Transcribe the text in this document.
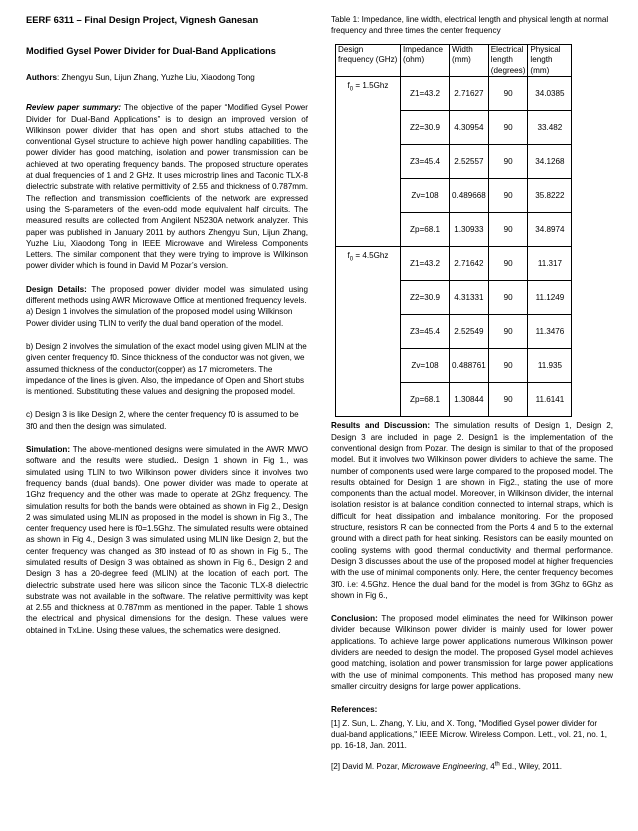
EERF 6311 – Final Design Project, Vignesh Ganesan

Modified Gysel Power Divider for Dual-Band Applications

Authors: Zhengyu Sun, Lijun Zhang, Yuzhe Liu, Xiaodong Tong

Review paper summary: The objective of the paper “Modified Gysel Power Divider for Dual-Band Applications” is to design an improved version of Wilkinson power divider that has open and short stubs attached to the conventional Gysel structure to achieve high power handling capabilities. The power divider has good matching, isolation and power transmission can be achieved at two operating frequency bands. The proposed structure operates at dual frequencies of 1 and 2 GHz. It uses microstrip lines and Taconic TLX-8 dielectric substrate with relative permittivity of 2.55 and thickness of 0.787mm. The reflection and transmission coefficients of the network are expressed using the S-parameters of the even-odd mode equivalent half circuits. The measured results are collected from Angilent N5230A network analyzer. This paper was published in January 2011 by authors Zhengyu Sun, Lijun Zhang, Yuzhe Liu, Xiaodong Tong in IEEE Microwave and Wireless Components Letters. The similar component that they were trying to improve is Wilkinson power divider which is found in David M Pozar’s version.

Design Details: The proposed power divider model was simulated using different methods using AWR Microwave Office at mentioned frequency levels.

a) Design 1 involves the simulation of the proposed model using Wilkinson Power divider using TLIN to verify the dual band operation of the model.

b) Design 2 involves the simulation of the exact model using given MLIN at the given center frequency f0. Since thickness of the conductor was not given, we assumed thickness of the conductor(copper) as 17 micrometers. The impedance of the lines is given. Also, the impedance of Open and Short stubs is mentioned. Substituting these values and designing the proposed model.

c) Design 3 is like Design 2, where the center frequency f0 is assumed to be 3f0 and then the design was simulated.

Simulation: The above-mentioned designs were simulated in the AWR MWO software and the results were studied.. Design 1 shown in Fig 1., was simulated using TLIN to two Wilkinson power dividers since it involves two frequency bands (dual bands). One power divider was made to operate at 1Ghz frequency and the other was made to operate at 2Ghz frequency. The simulation results for both the bands were obtained as shown in Fig 2., Design 2 was simulated using MLIN as proposed in the model is shown in Fig 3., The center frequency used here is f0=1.5Ghz. The simulated results were obtained as shown in Fig 4., Design 3 was simulated using MLIN like Design 2, but the center frequency was changed as 3f0 instead of f0 as shown in Fig 5., The simulated results of Design 3 was obtained as shown in Fig 6., Design 2 and Design 3 has a 20-degree feed (MLIN) at the location of each port. The dielectric substrate used here was silicon since the Taconic TLX-8 dielectric substrate was not available in the software. The relative permittivity was kept at 2.55 and thickness at 0.787mm as mentioned in the paper. Table 1 shows the electrical and physical dimensions for the design. These values were obtained in TxLine. Using these values, the schematics were designed.

Table 1: Impedance, line width, electrical length and physical length at normal frequency and three times the center frequency

Design frequency (GHz)	Impedance (ohm)	Width (mm)	Electrical length (degrees)	Physical length (mm)
$f_0 = 1.5Ghz$	Z1=43.2	2.71627	90	34.0385
	Z2=30.9	4.30954	90	33.482
	Z3=45.4	2.52557	90	34.1268
	Zv=108	0.489668	90	35.8222
	Zp=68.1	1.30933	90	34.8974
$f_0 = 4.5Ghz$	Z1=43.2	2.71642	90	11.317
	Z2=30.9	4.31331	90	11.1249
	Z3=45.4	2.52549	90	11.3476
	Zv=108	0.488761	90	11.935
	Zp=68.1	1.30844	90	11.6141

Results and Discussion: The simulation results of Design 1, Design 2, Design 3 are included in page 2. Design1 is the implementation of the conventional design from Pozar. The design is similar to that of the proposed model. But it involves two Wilkinson power dividers to achieve the same. The number of components used were large compared to the proposed model. The results obtained for Design 1 are shown in Fig2., stating the use of more components than the actual model. Moreover, in Wilkinson divider, the internal isolation resistor is at balance condition connected to internal straps, which is difficult for heat dissipation and imbalance monitoring. For the proposed structure, resistors R can be connected from the Ports 4 and 5 to the external ground with a direct path for heat sinking. Resistors can be easily mounted on cooling systems with good thermal conductivity and thermal performance. Design 3 discusses about the use of the proposed model at higher frequencies with the use of minimal components only. Here, the center frequency becomes 3f0. i.e: 4.5Ghz. Hence the dual band for the model is from 3Ghz to 6Ghz as shown in Fig 6.,

Conclusion: The proposed model eliminates the need for Wilkinson power divider because Wilkinson power divider is mainly used for lower power applications. To achieve large power applications numerous Wilkinson power dividers are needed to design the model. The proposed Gysel model achieves good matching, isolation and power transmission for large power applications with the use of minimal components. This method has proposed many new smaller circuitry designs for large power applications.

References:

[1] Z. Sun, L. Zhang, Y. Liu, and X. Tong, "Modified Gysel power divider for dual-band applications," IEEE Microw. Wireless Compon. Lett., vol. 21, no. 1, pp. 16-18, Jan. 2011.

[2] David M. Pozar, Microwave Engineering, 4th Ed., Wiley, 2011.
